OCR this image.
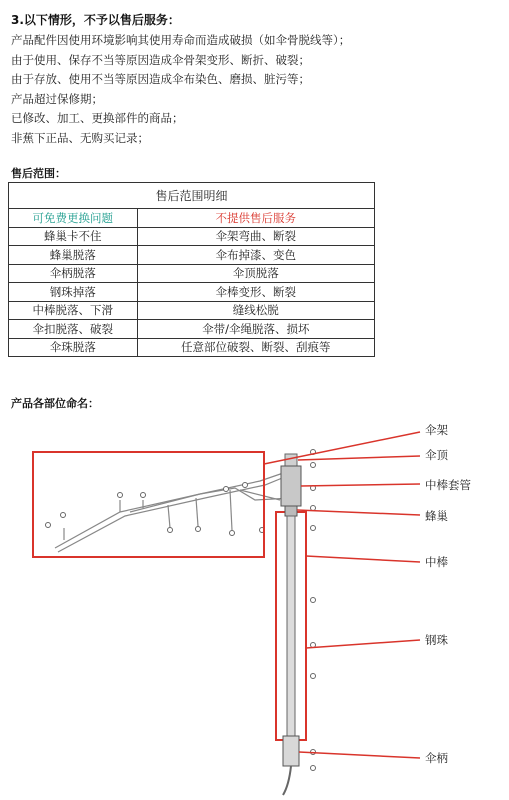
3.以下情形，不予以售后服务：
产品配件因使用环境影响其使用寿命而造成破损（如伞骨脱线等）；
由于使用、保存不当等原因造成伞骨架变形、断折、破裂；
由于存放、使用不当等原因造成伞布染色、磨损、脏污等；
产品超过保修期；
已修改、加工、更换部件的商品；
非蕉下正品、无购买记录；
售后范围：
售后范围明细	
可免费更换问题	不提供售后服务
蜂巢卡不住	伞架弯曲、断裂
蜂巢脱落	伞布掉漆、变色
伞柄脱落	伞顶脱落
钢珠掉落	伞棒变形、断裂
中棒脱落、下滑	缝线松脱
伞扣脱落、破裂	伞带/伞绳脱落、损坏
伞珠脱落	任意部位破裂、断裂、刮痕等
产品各部位命名：
伞架
伞顶
中棒套管
蜂巢
中棒
钢珠
伞柄
